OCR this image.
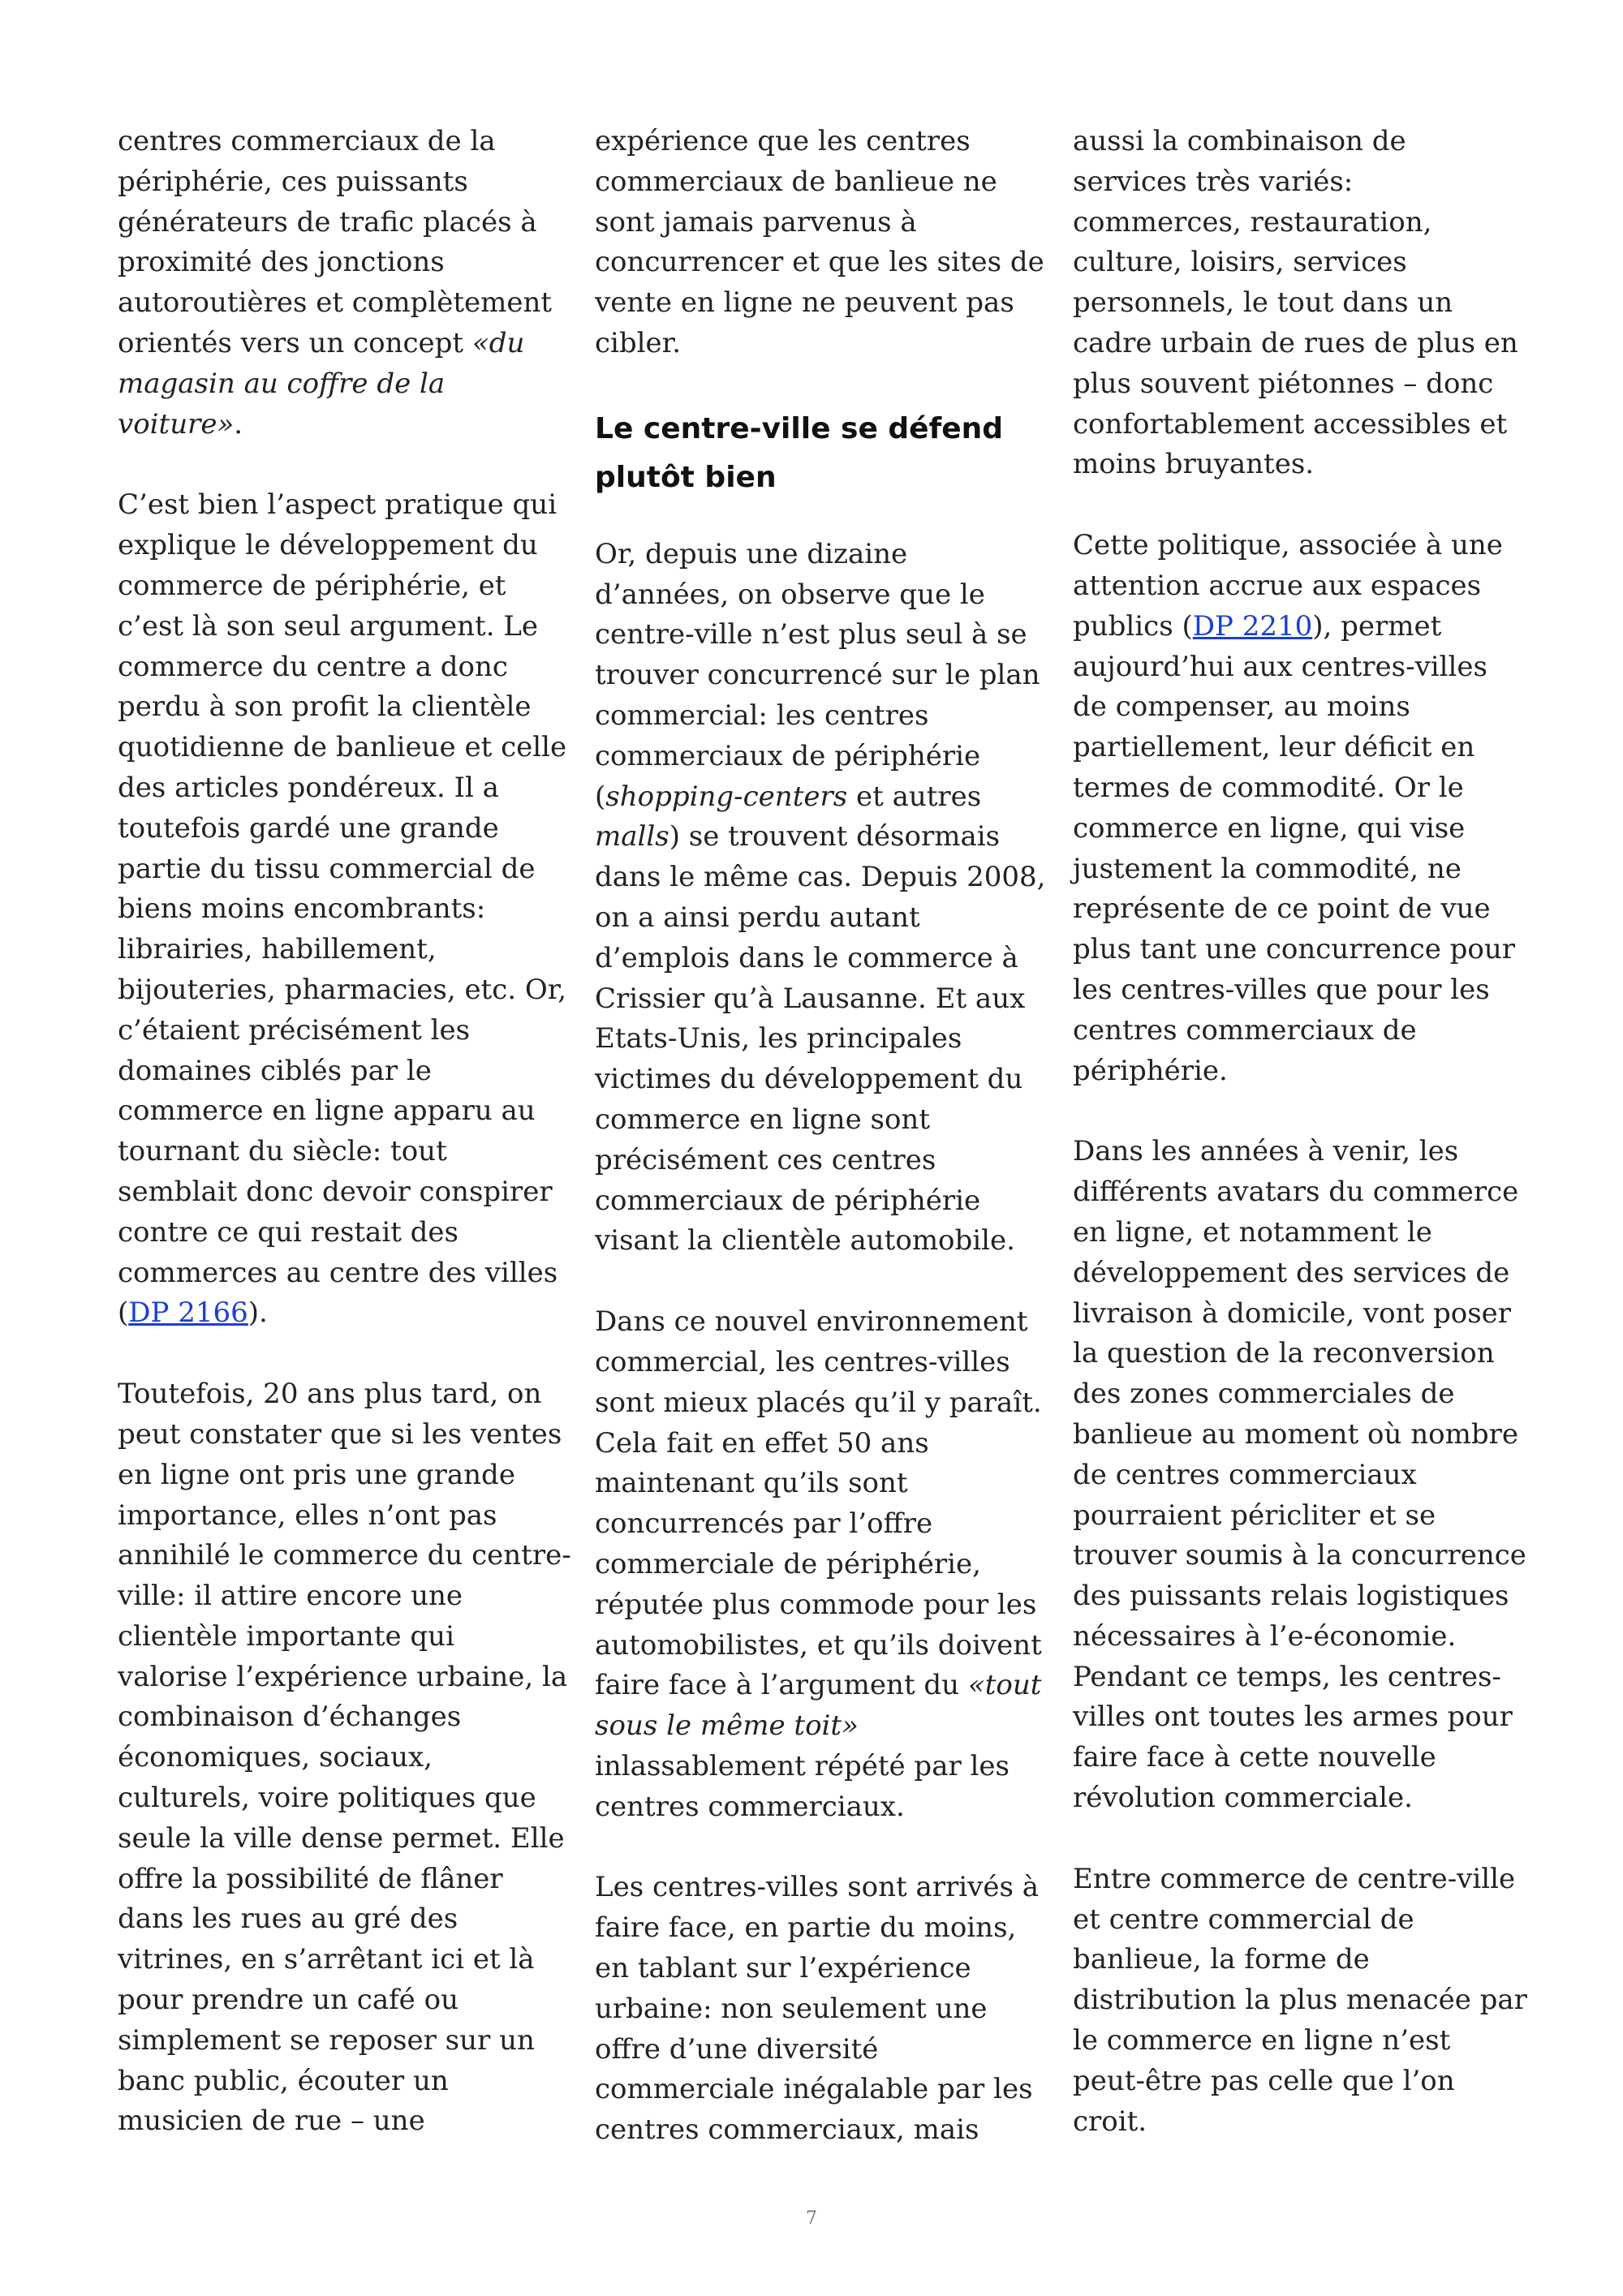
centres commerciaux de la périphérie, ces puissants générateurs de trafic placés à proximité des jonctions autoroutières et complètement orientés vers un concept «du magasin au coffre de la voiture».

C’est bien l’aspect pratique qui explique le développement du commerce de périphérie, et c’est là son seul argument. Le commerce du centre a donc perdu à son profit la clientèle quotidienne de banlieue et celle des articles pondéreux. Il a toutefois gardé une grande partie du tissu commercial de biens moins encombrants: librairies, habillement, bijouteries, pharmacies, etc. Or, c’étaient précisément les domaines ciblés par le commerce en ligne apparu au tournant du siècle: tout semblait donc devoir conspirer contre ce qui restait des commerces au centre des villes (DP 2166).

Toutefois, 20 ans plus tard, on peut constater que si les ventes en ligne ont pris une grande importance, elles n’ont pas annihilé le commerce du centre-ville: il attire encore une clientèle importante qui valorise l’expérience urbaine, la combinaison d’échanges économiques, sociaux, culturels, voire politiques que seule la ville dense permet. Elle offre la possibilité de flâner dans les rues au gré des vitrines, en s’arrêtant ici et là pour prendre un café ou simplement se reposer sur un banc public, écouter un musicien de rue – une

expérience que les centres commerciaux de banlieue ne sont jamais parvenus à concurrencer et que les sites de vente en ligne ne peuvent pas cibler.

Le centre-ville se défend plutôt bien

Or, depuis une dizaine d’années, on observe que le centre-ville n’est plus seul à se trouver concurrencé sur le plan commercial: les centres commerciaux de périphérie (shopping-centers et autres malls) se trouvent désormais dans le même cas. Depuis 2008, on a ainsi perdu autant d’emplois dans le commerce à Crissier qu’à Lausanne. Et aux Etats-Unis, les principales victimes du développement du commerce en ligne sont précisément ces centres commerciaux de périphérie visant la clientèle automobile.

Dans ce nouvel environnement commercial, les centres-villes sont mieux placés qu’il y paraît. Cela fait en effet 50 ans maintenant qu’ils sont concurrencés par l’offre commerciale de périphérie, réputée plus commode pour les automobilistes, et qu’ils doivent faire face à l’argument du «tout sous le même toit» inlassablement répété par les centres commerciaux.

Les centres-villes sont arrivés à faire face, en partie du moins, en tablant sur l’expérience urbaine: non seulement une offre d’une diversité commerciale inégalable par les centres commerciaux, mais

aussi la combinaison de services très variés: commerces, restauration, culture, loisirs, services personnels, le tout dans un cadre urbain de rues de plus en plus souvent piétonnes – donc confortablement accessibles et moins bruyantes.

Cette politique, associée à une attention accrue aux espaces publics (DP 2210), permet aujourd’hui aux centres-villes de compenser, au moins partiellement, leur déficit en termes de commodité. Or le commerce en ligne, qui vise justement la commodité, ne représente de ce point de vue plus tant une concurrence pour les centres-villes que pour les centres commerciaux de périphérie.

Dans les années à venir, les différents avatars du commerce en ligne, et notamment le développement des services de livraison à domicile, vont poser la question de la reconversion des zones commerciales de banlieue au moment où nombre de centres commerciaux pourraient péricliter et se trouver soumis à la concurrence des puissants relais logistiques nécessaires à l’e-économie. Pendant ce temps, les centres-villes ont toutes les armes pour faire face à cette nouvelle révolution commerciale.

Entre commerce de centre-ville et centre commercial de banlieue, la forme de distribution la plus menacée par le commerce en ligne n’est peut-être pas celle que l’on croit.

7
